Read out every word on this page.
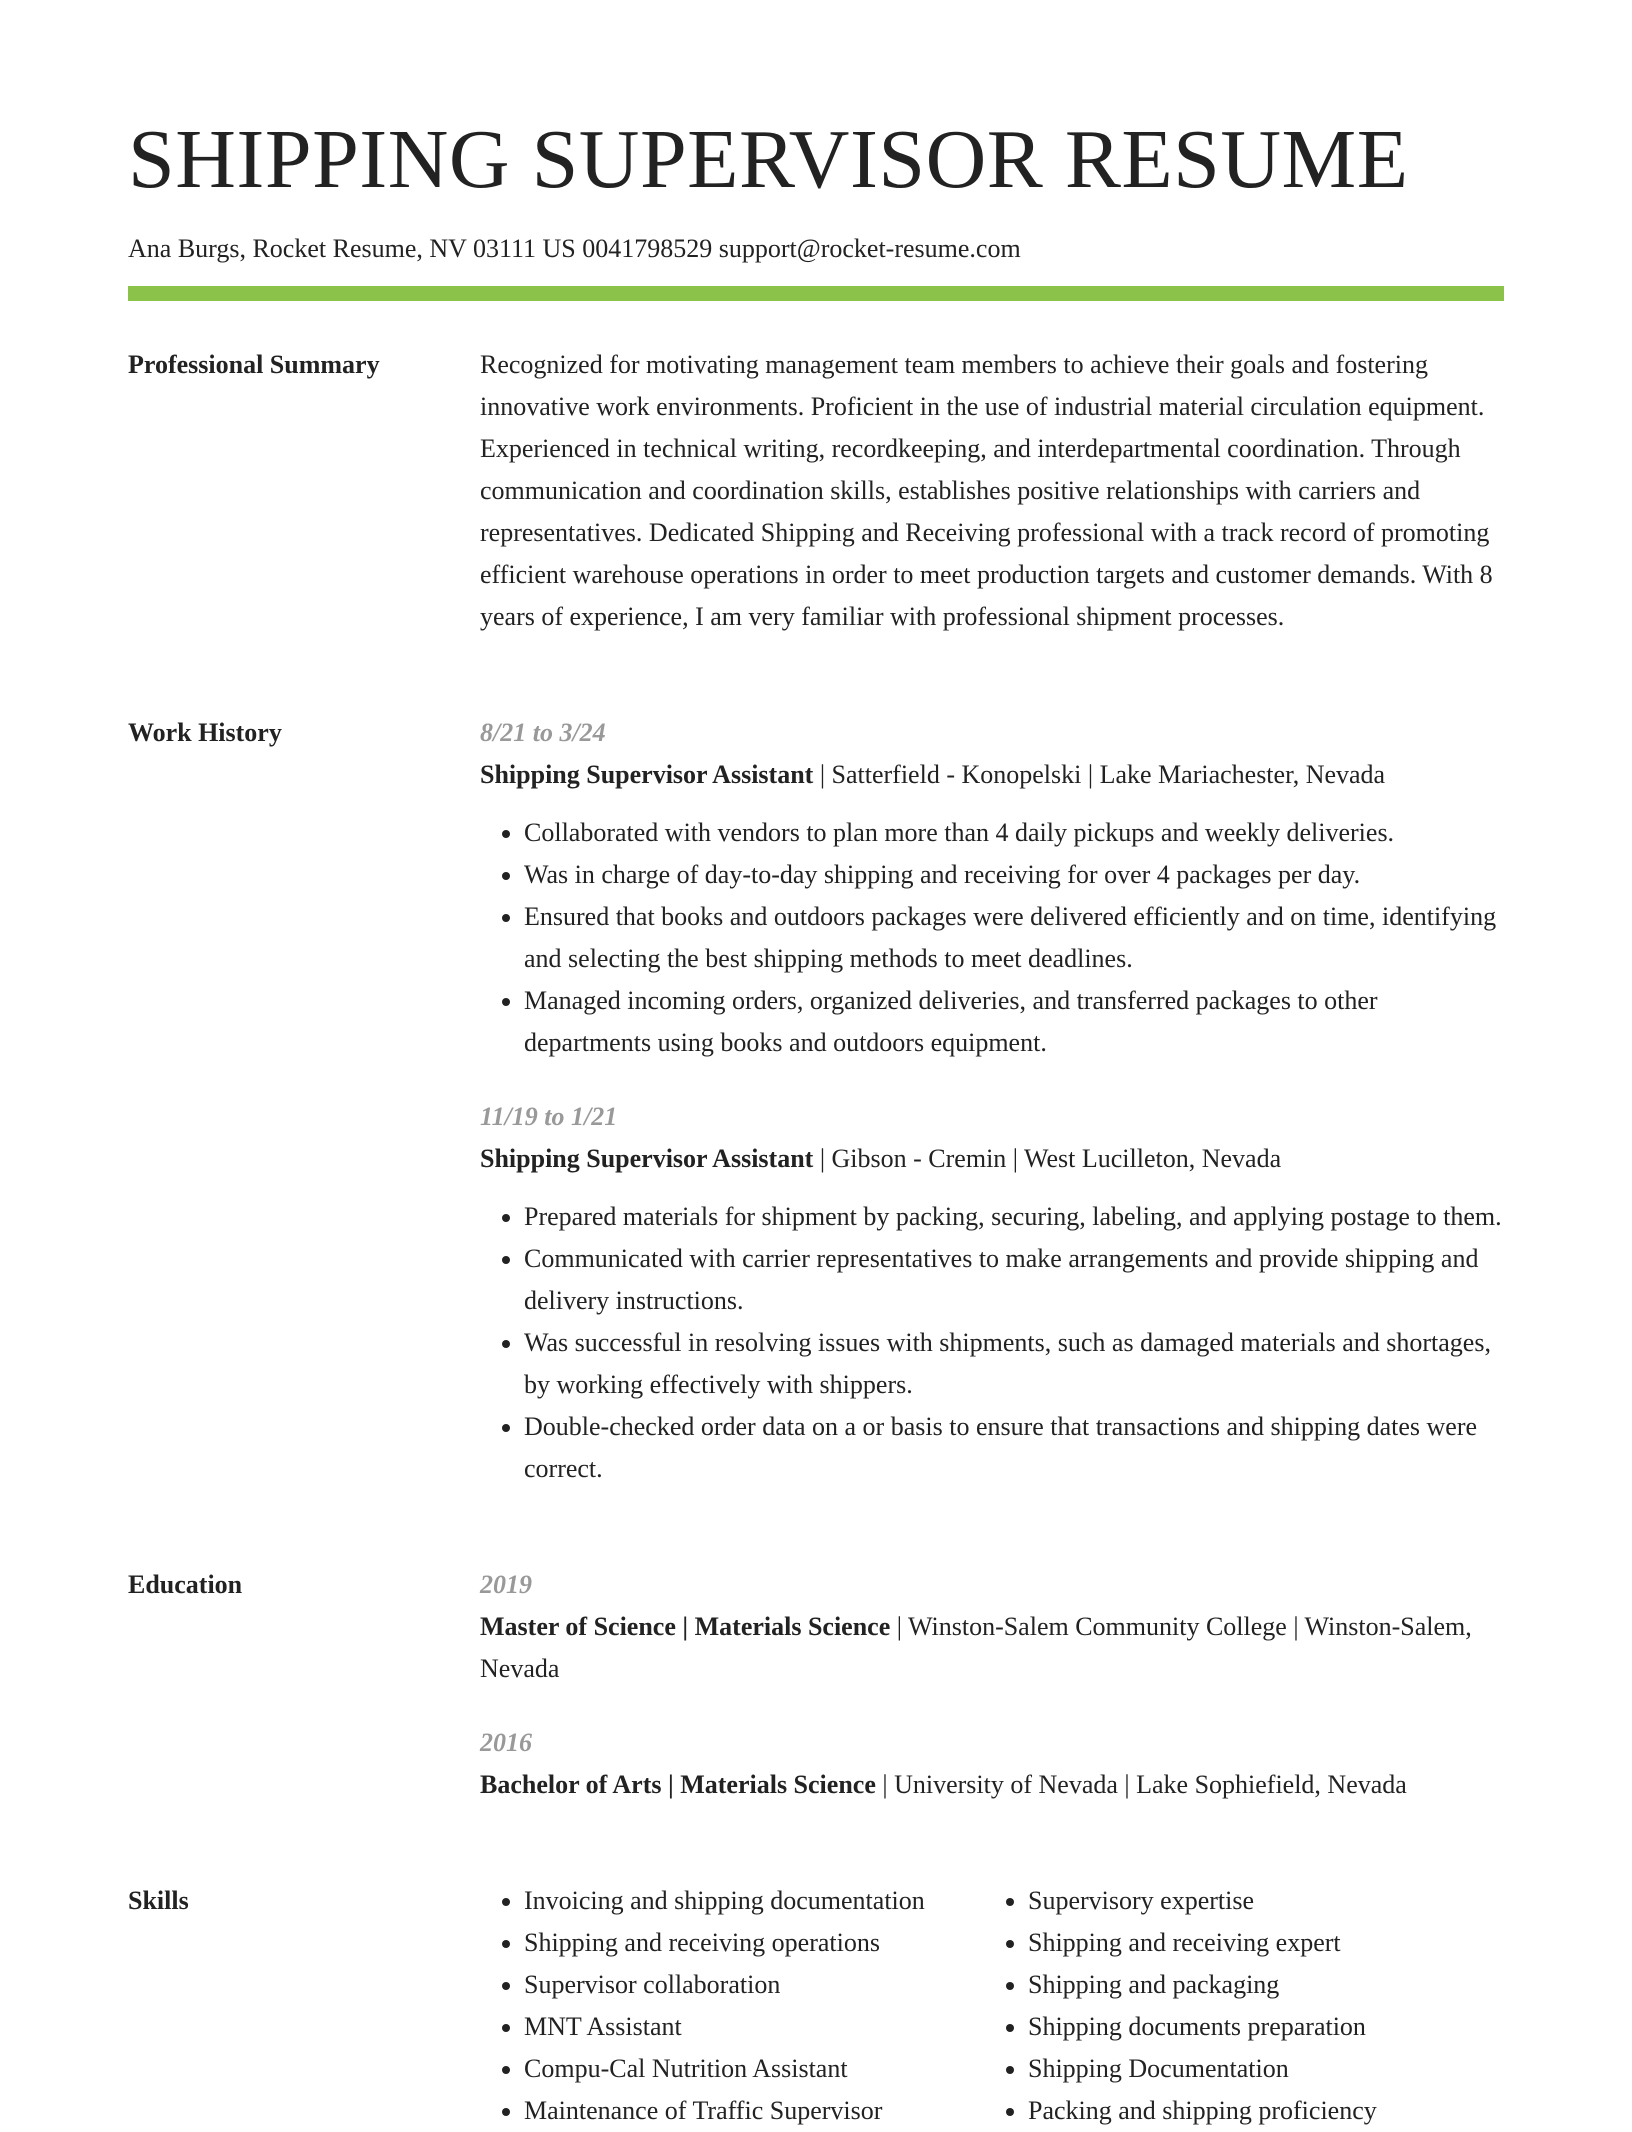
SHIPPING SUPERVISOR RESUME
Ana Burgs, Rocket Resume, NV 03111 US 0041798529 support@rocket-resume.com
Professional Summary	Recognized for motivating management team members to achieve their goals and fostering innovative work environments. Proficient in the use of industrial material circulation equipment. Experienced in technical writing, recordkeeping, and interdepartmental coordination. Through communication and coordination skills, establishes positive relationships with carriers and representatives. Dedicated Shipping and Receiving professional with a track record of promoting efficient warehouse operations in order to meet production targets and customer demands. With 8 years of experience, I am very familiar with professional shipment processes.

Work History	8/21 to 3/24
Shipping Supervisor Assistant | Satterfield - Konopelski | Lake Mariachester, Nevada
• Collaborated with vendors to plan more than 4 daily pickups and weekly deliveries.
• Was in charge of day-to-day shipping and receiving for over 4 packages per day.
• Ensured that books and outdoors packages were delivered efficiently and on time, identifying and selecting the best shipping methods to meet deadlines.
• Managed incoming orders, organized deliveries, and transferred packages to other departments using books and outdoors equipment.
11/19 to 1/21
Shipping Supervisor Assistant | Gibson - Cremin | West Lucilleton, Nevada
• Prepared materials for shipment by packing, securing, labeling, and applying postage to them.
• Communicated with carrier representatives to make arrangements and provide shipping and delivery instructions.
• Was successful in resolving issues with shipments, such as damaged materials and shortages, by working effectively with shippers.
• Double-checked order data on a or basis to ensure that transactions and shipping dates were correct.
Education	2019
Master of Science | Materials Science | Winston-Salem Community College | Winston-Salem, Nevada
2016
Bachelor of Arts | Materials Science | University of Nevada | Lake Sophiefield, Nevada
Skills
•	Invoicing and shipping documentation
• Shipping and receiving operations
• Supervisor collaboration
• MNT Assistant
• Compu-Cal Nutrition Assistant
• Maintenance of Traffic Supervisor
• Supervisory expertise
• Shipping and receiving expert
• Shipping and packaging
• Shipping documents preparation
• Shipping Documentation
• Packing and shipping proficiency
